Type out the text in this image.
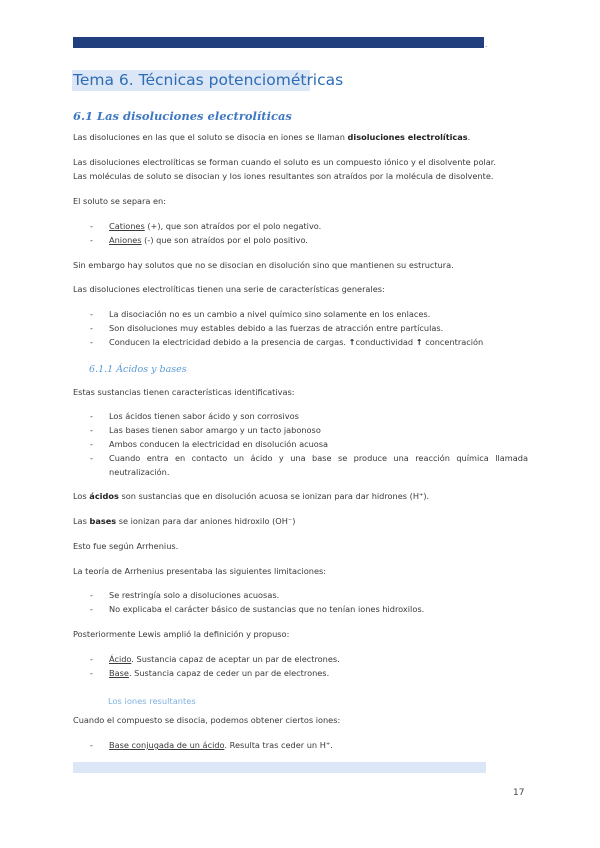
.
Tema 6. Técnicas potenciométricas
6.1 Las disoluciones electrolíticas
Las disoluciones en las que el soluto se disocia en iones se llaman disoluciones electrolíticas.
Las disoluciones electrolíticas se forman cuando el soluto es un compuesto iónico y el disolvente polar.
Las moléculas de soluto se disocian y los iones resultantes son atraídos por la molécula de disolvente.
El soluto se separa en:
- Cationes (+), que son atraídos por el polo negativo.
- Aniones (-) que son atraídos por el polo positivo.
Sin embargo hay solutos que no se disocian en disolución sino que mantienen su estructura.
Las disoluciones electrolíticas tienen una serie de características generales:
- La disociación no es un cambio a nivel químico sino solamente en los enlaces.
- Son disoluciones muy estables debido a las fuerzas de atracción entre partículas.
- Conducen la electricidad debido a la presencia de cargas. ↑conductividad ↑ concentración
6.1.1 Ácidos y bases
Estas sustancias tienen características identificativas:
- Los ácidos tienen sabor ácido y son corrosivos
- Las bases tienen sabor amargo y un tacto jabonoso
- Ambos conducen la electricidad en disolución acuosa
- Cuando entra en contacto un ácido y una base se produce una reacción química llamada neutralización.
Los ácidos son sustancias que en disolución acuosa se ionizan para dar hidrones (H⁺).
Las bases se ionizan para dar aniones hidroxilo (OH⁻)
Esto fue según Arrhenius.
La teoría de Arrhenius presentaba las siguientes limitaciones:
- Se restringía solo a disoluciones acuosas.
- No explicaba el carácter básico de sustancias que no tenían iones hidroxilos.
Posteriormente Lewis amplió la definición y propuso:
- Ácido. Sustancia capaz de aceptar un par de electrones.
- Base. Sustancia capaz de ceder un par de electrones.
Los iones resultantes
Cuando el compuesto se disocia, podemos obtener ciertos iones:
- Base conjugada de un ácido. Resulta tras ceder un H⁺.
17
